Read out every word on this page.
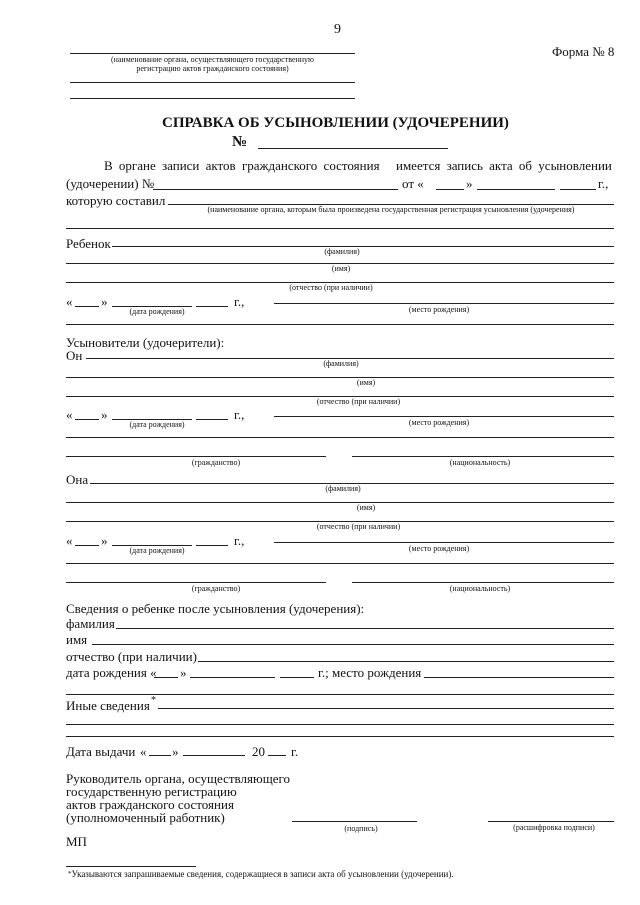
9
Форма № 8
(наименование органа, осуществляющего государственную
регистрацию актов гражданского состояния)
СПРАВКА ОБ УСЫНОВЛЕНИИ (УДОЧЕРЕНИИ)
№
В органе записи актов гражданского состояния имеется запись акта об усыновлении
(удочерении) №	от «	»	г.,
которую составил
(наименование органа, которым была произведена государственная регистрация усыновления (удочерения)
Ребенок
(фамилия)
(имя)
(отчество (при наличии)
« »	г.,
(дата рождения)	(место рождения)
Усыновители (удочерители):
Он
(фамилия)
(имя)
(отчество (при наличии)
« »	г.,
(дата рождения)	(место рождения)
(гражданство)	(национальность)
Она
(фамилия)
(имя)
(отчество (при наличии)
« »	г.,
(дата рождения)	(место рождения)
(гражданство)	(национальность)
Сведения о ребенке после усыновления (удочерения):
фамилия
имя
отчество (при наличии)
дата рождения « »	г.; место рождения
Иные сведения *
Дата выдачи « »	20 г.
Руководитель органа, осуществляющего
государственную регистрацию
актов гражданского состояния
(уполномоченный работник)
(подпись)	(расшифровка подписи)
МП
*Указываются запрашиваемые сведения, содержащиеся в записи акта об усыновлении (удочерении).
